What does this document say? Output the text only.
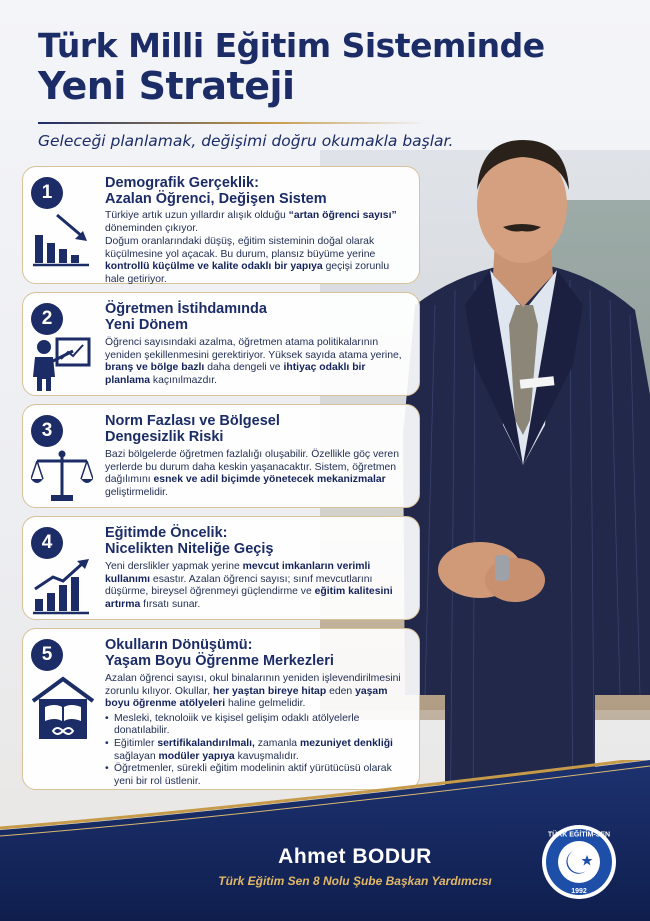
Türk Milli Eğitim Sisteminde
Yeni Strateji
Geleceği planlamak, değişimi doğru okumakla başlar.
1	Demografik Gerçeklik:
Azalan Öğrenci, Değişen Sistem

Türkiye artık uzun yıllardır alışık olduğu “artan öğrenci sayısı” döneminden çıkıyor.

Doğum oranlarındaki düşüş, eğitim sisteminin doğal olarak küçülmesine yol açacak. Bu durum, plansız büyüme yerine kontrollü küçülme ve kalite odaklı bir yapıya geçişi zorunlu hale getiriyor.

2	Öğretmen İstihdamında
Yeni Dönem

Öğrenci sayısındaki azalma, öğretmen atama politikalarının yeniden şekillenmesini gerektiriyor. Yüksek sayıda atama yerine, branş ve bölge bazlı daha dengeli ve ihtiyaç odaklı bir planlama kaçınılmazdır.

3	Norm Fazlası ve Bölgesel
Dengesizlik Riski

Bazi bölgelerde öğretmen fazlalığı oluşabilir. Özellikle göç veren yerlerde bu durum daha keskin yaşanacaktır. Sistem, öğretmen dağılımını esnek ve adil biçimde yönetecek mekanizmalar geliştirmelidir.

4	Eğitimde Öncelik:
Nicelikten Niteliğe Geçiş

Yeni derslikler yapmak yerine mevcut imkanların verimli kullanımı esastır. Azalan öğrenci sayısı; sınıf mevcutlarını düşürme, bireysel öğrenmeyi güçlendirme ve eğitim kalitesini artırma fırsatı sunar.

5	Okulların Dönüşümü:
Yaşam Boyu Öğrenme Merkezleri

Azalan öğrenci sayısı, okul binalarının yeniden işlevendirilmesini zorunlu kılıyor. Okullar, her yaştan bireye hitap eden yaşam boyu öğrenme atölyeleri haline gelmelidir.

• Mesleki, teknoloiik ve kişisel gelişim odaklı atölyelerle donatılabilir.
• Eğitimler sertifikalandırılmalı, zamanla mezuniyet denkliği sağlayan modüler yapıya kavuşmalıdır.
• Öğretmenler, sürekli eğitim modelinin aktif yürütücüsü olarak yeni bir rol üstlenir.
Ahmet BODUR
Türk Eğitim Sen 8 Nolu Şube Başkan Yardımcısı
TÜRK EĞİTİM-SEN
1992
